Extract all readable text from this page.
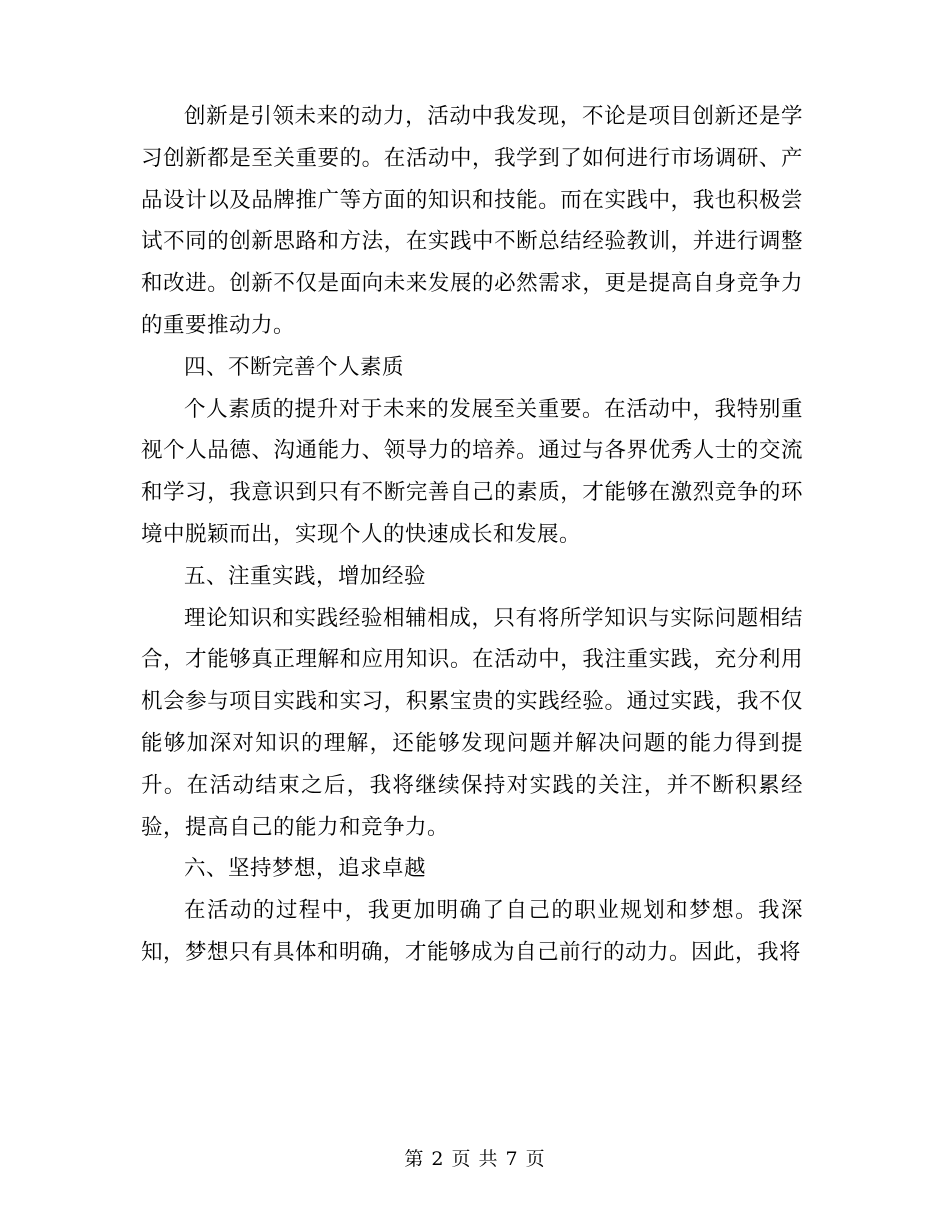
创新是引领未来的动力，活动中我发现，不论是项目创新还是学习创新都是至关重要的。在活动中，我学到了如何进行市场调研、产品设计以及品牌推广等方面的知识和技能。而在实践中，我也积极尝试不同的创新思路和方法，在实践中不断总结经验教训，并进行调整和改进。创新不仅是面向未来发展的必然需求，更是提高自身竞争力的重要推动力。

四、不断完善个人素质

个人素质的提升对于未来的发展至关重要。在活动中，我特别重视个人品德、沟通能力、领导力的培养。通过与各界优秀人士的交流和学习，我意识到只有不断完善自己的素质，才能够在激烈竞争的环境中脱颖而出，实现个人的快速成长和发展。

五、注重实践，增加经验

理论知识和实践经验相辅相成，只有将所学知识与实际问题相结合，才能够真正理解和应用知识。在活动中，我注重实践，充分利用机会参与项目实践和实习，积累宝贵的实践经验。通过实践，我不仅能够加深对知识的理解，还能够发现问题并解决问题的能力得到提升。在活动结束之后，我将继续保持对实践的关注，并不断积累经验，提高自己的能力和竞争力。

六、坚持梦想，追求卓越

在活动的过程中，我更加明确了自己的职业规划和梦想。我深知，梦想只有具体和明确，才能够成为自己前行的动力。因此，我将

第 2 页 共 7 页
